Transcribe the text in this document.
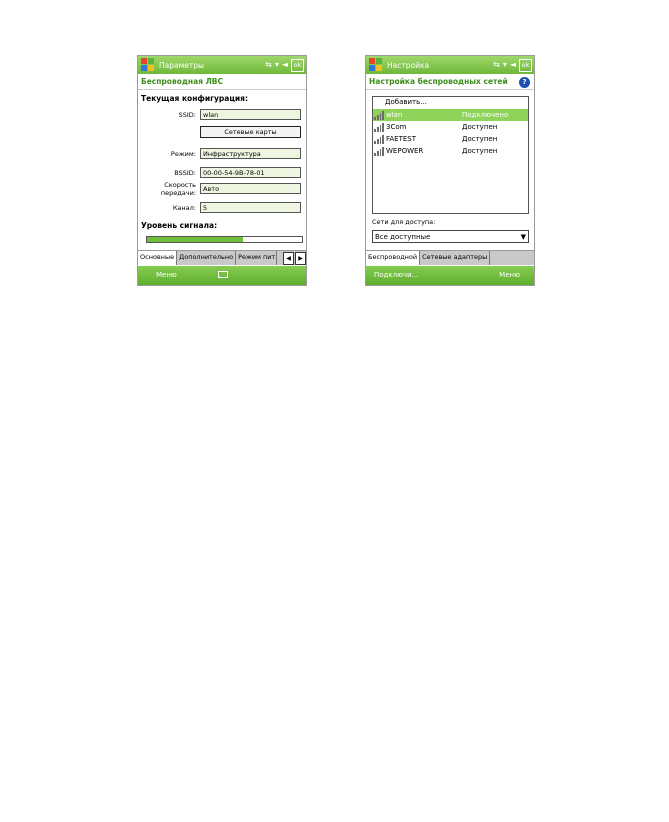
Параметры	⇆ ▾ ◄ ok
Беспроводная ЛВС
Текущая конфигурация:
SSID:	wlan
Сетевые карты
Режим:	Инфраструктура
BSSID:	00-00-54-9B-78-01
Скорость передачи:	Авто
Канал:	5
Уровень сигнала:
Основные Дополнительно Режим пит	◀	▶
Меню
Настройка	⇆ ▾ ◄ ok
Настройка беспроводных сетей	?
Добавить...
wlan	Подключено
3Com	Доступен
FAETEST	Доступен
WEPOWER	Доступен
Сети для доступа:
Все доступные	▼
Беспроводной Сетевые адаптеры
Подключи...	Меню
